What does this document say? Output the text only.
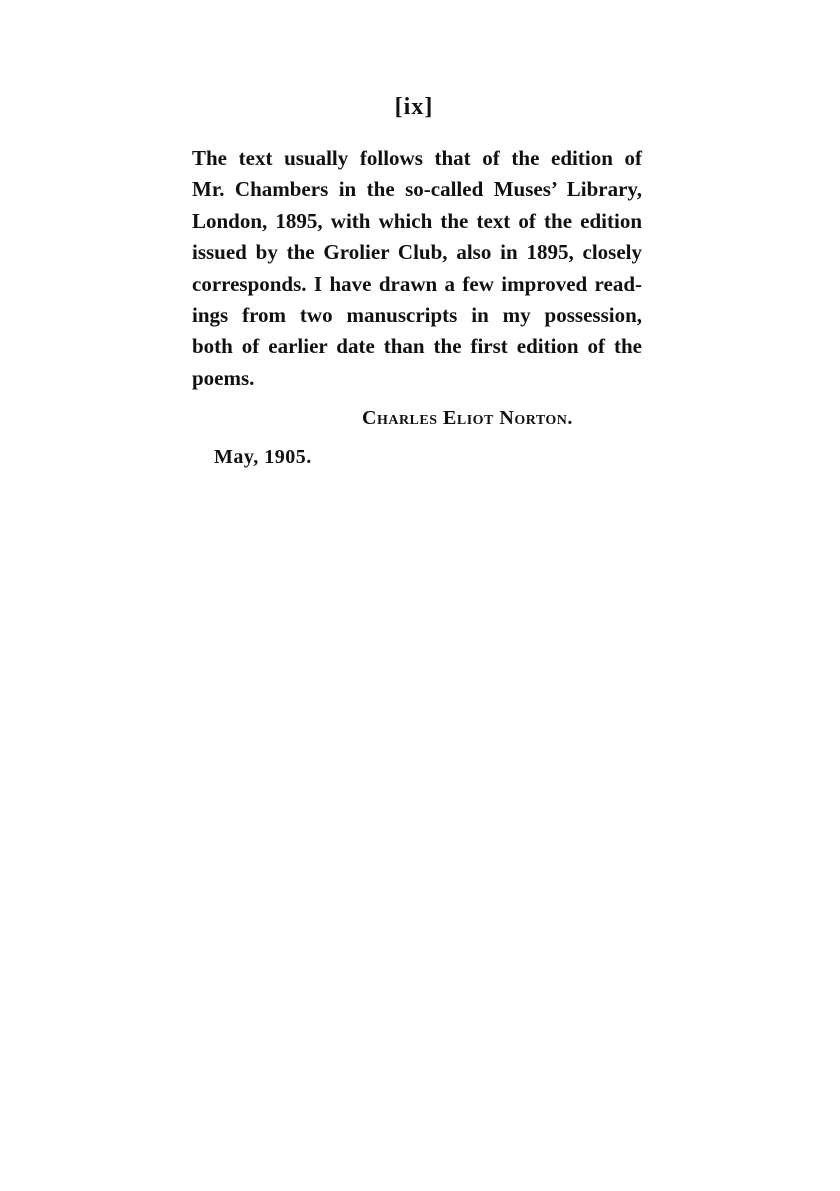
[ix]
The text usually follows that of the edition of
Mr. Chambers in the so-called Muses’ Library,
London, 1895, with which the text of the edition
issued by the Grolier Club, also in 1895, closely
corresponds. I have drawn a few improved read-
ings from two manuscripts in my possession,
both of earlier date than the first edition of the
poems.
Charles Eliot Norton.
May, 1905.
